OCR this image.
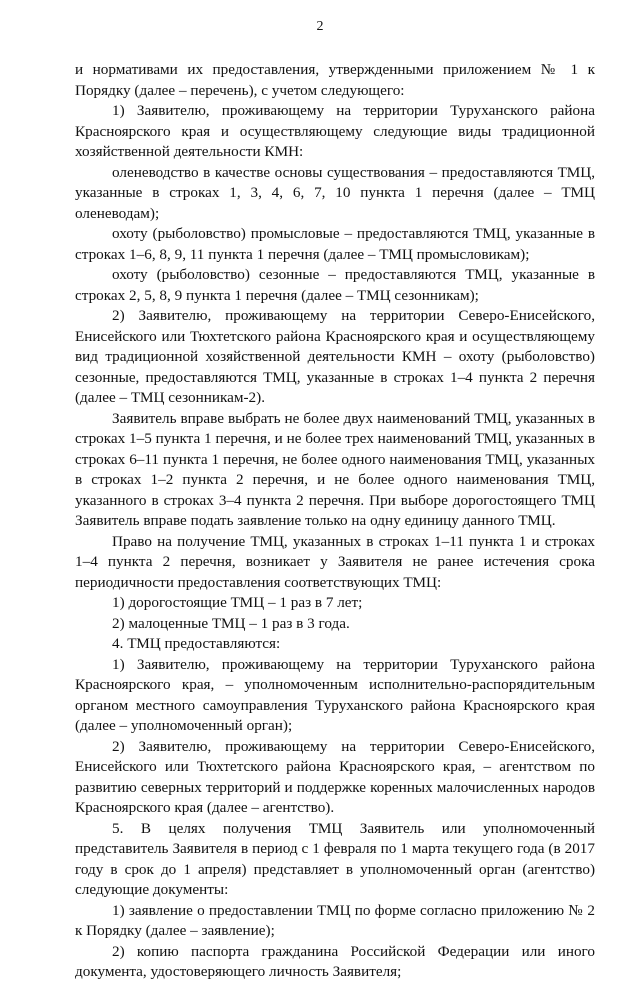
2

и нормативами их предоставления, утвержденными приложением № 1 к Порядку (далее – перечень), с учетом следующего:

1) Заявителю, проживающему на территории Туруханского района Красноярского края и осуществляющему следующие виды традиционной хозяйственной деятельности КМН:

оленеводство в качестве основы существования – предоставляются ТМЦ, указанные в строках 1, 3, 4, 6, 7, 10 пункта 1 перечня (далее – ТМЦ оленеводам);

охоту (рыболовство) промысловые – предоставляются ТМЦ, указанные в строках 1–6, 8, 9, 11 пункта 1 перечня (далее – ТМЦ промысловикам);

охоту (рыболовство) сезонные – предоставляются ТМЦ, указанные в строках 2, 5, 8, 9 пункта 1 перечня (далее – ТМЦ сезонникам);

2) Заявителю, проживающему на территории Северо-Енисейского, Енисейского или Тюхтетского района Красноярского края и осуществляющему вид традиционной хозяйственной деятельности КМН – охоту (рыболовство) сезонные, предоставляются ТМЦ, указанные в строках 1–4 пункта 2 перечня (далее – ТМЦ сезонникам-2).

Заявитель вправе выбрать не более двух наименований ТМЦ, указанных в строках 1–5 пункта 1 перечня, и не более трех наименований ТМЦ, указанных в строках 6–11 пункта 1 перечня, не более одного наименования ТМЦ, указанных в строках 1–2 пункта 2 перечня, и не более одного наименования ТМЦ, указанного в строках 3–4 пункта 2 перечня. При выборе дорогостоящего ТМЦ Заявитель вправе подать заявление только на одну единицу данного ТМЦ.

Право на получение ТМЦ, указанных в строках 1–11 пункта 1 и строках 1–4 пункта 2 перечня, возникает у Заявителя не ранее истечения срока периодичности предоставления соответствующих ТМЦ:

1) дорогостоящие ТМЦ – 1 раз в 7 лет;

2) малоценные ТМЦ – 1 раз в 3 года.

4. ТМЦ предоставляются:

1) Заявителю, проживающему на территории Туруханского района Красноярского края, – уполномоченным исполнительно-распорядительным органом местного самоуправления Туруханского района Красноярского края (далее – уполномоченный орган);

2) Заявителю, проживающему на территории Северо-Енисейского, Енисейского или Тюхтетского района Красноярского края, – агентством по развитию северных территорий и поддержке коренных малочисленных народов Красноярского края (далее – агентство).

5. В целях получения ТМЦ Заявитель или уполномоченный представитель Заявителя в период с 1 февраля по 1 марта текущего года (в 2017 году в срок до 1 апреля) представляет в уполномоченный орган (агентство) следующие документы:

1) заявление о предоставлении ТМЦ по форме согласно приложению № 2 к Порядку (далее – заявление);

2) копию паспорта гражданина Российской Федерации или иного документа, удостоверяющего личность Заявителя;
